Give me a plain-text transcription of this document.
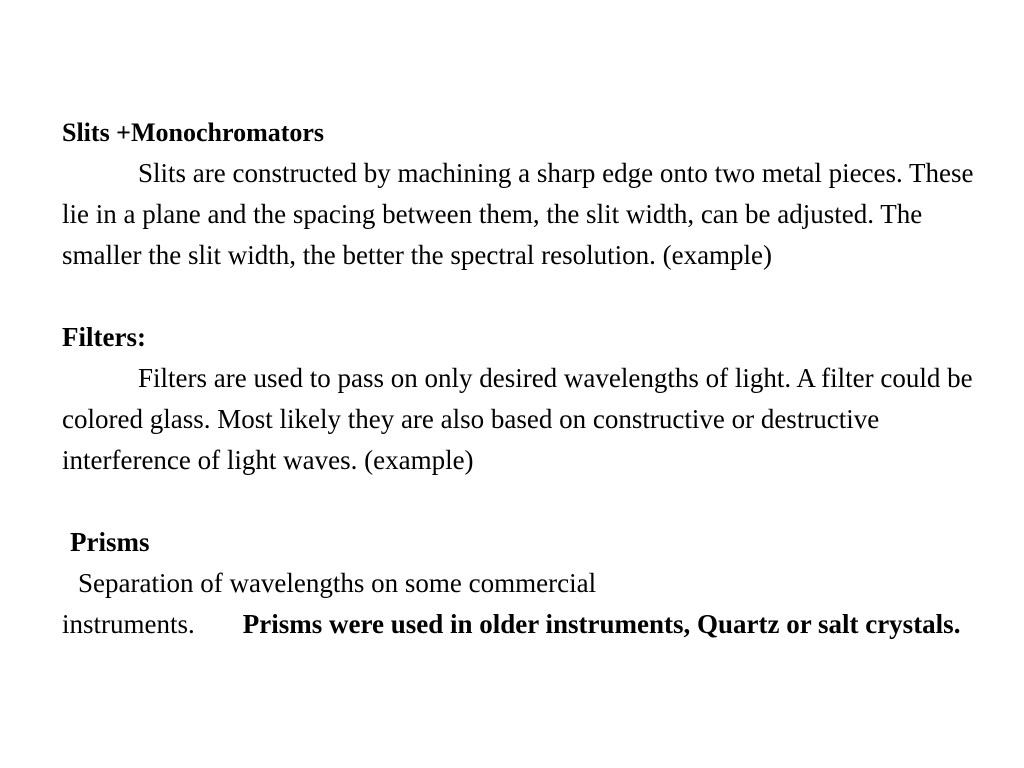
Slits +Monochromators

Slits are constructed by machining a sharp edge onto two metal pieces. These lie in a plane and the spacing between them, the slit width, can be adjusted. The smaller the slit width, the better the spectral resolution. (example)

Filters:

Filters are used to pass on only desired wavelengths of light. A filter could be colored glass. Most likely they are also based on constructive or destructive interference of light waves. (example)

Prisms

Separation of wavelengths on some commercial

instruments. Prisms were used in older instruments, Quartz or salt crystals.
